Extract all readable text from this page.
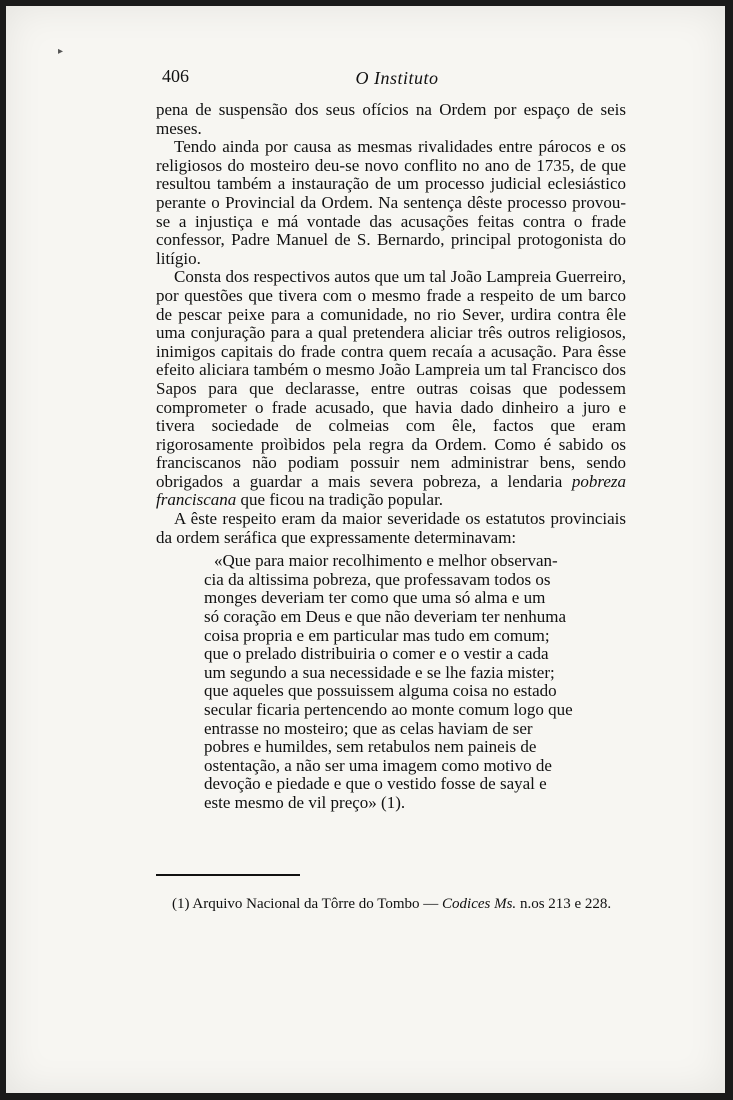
▸
406	O Instituto

pena de suspensão dos seus ofícios na Ordem por espaço de seis meses.

Tendo ainda por causa as mesmas rivalidades entre párocos e os religiosos do mosteiro deu-se novo conflito no ano de 1735, de que resultou também a instauração de um processo judicial eclesiástico perante o Provincial da Ordem. Na sentença dêste processo provou-se a injustiça e má vontade das acusações feitas contra o frade confessor, Padre Manuel de S. Bernardo, principal protogonista do litígio.

Consta dos respectivos autos que um tal João Lampreia Guerreiro, por questões que tivera com o mesmo frade a respeito de um barco de pescar peixe para a comunidade, no rio Sever, urdira contra êle uma conjuração para a qual pretendera aliciar três outros religiosos, inimigos capitais do frade contra quem recaía a acusação. Para êsse efeito aliciara também o mesmo João Lampreia um tal Francisco dos Sapos para que declarasse, entre outras coisas que podessem comprometer o frade acusado, que havia dado dinheiro a juro e tivera sociedade de colmeias com êle, factos que eram rigorosamente proìbidos pela regra da Ordem. Como é sabido os franciscanos não podiam possuir nem administrar bens, sendo obrigados a guardar a mais severa pobreza, a lendaria pobreza franciscana que ficou na tradição popular.

A êste respeito eram da maior severidade os estatutos provinciais da ordem seráfica que expressamente determinavam:

«Que para maior recolhimento e melhor observan-
cia da altissima pobreza, que professavam todos os
monges deveriam ter como que uma só alma e um
só coração em Deus e que não deveriam ter nenhuma
coisa propria e em particular mas tudo em comum;
que o prelado distribuiria o comer e o vestir a cada
um segundo a sua necessidade e se lhe fazia mister;
que aqueles que possuissem alguma coisa no estado
secular ficaria pertencendo ao monte comum logo que
entrasse no mosteiro; que as celas haviam de ser
pobres e humildes, sem retabulos nem paineis de
ostentação, a não ser uma imagem como motivo de
devoção e piedade e que o vestido fosse de sayal e
este mesmo de vil preço» (1).
(1) Arquivo Nacional da Tôrre do Tombo — Codices Ms. n.os 213 e 228.
